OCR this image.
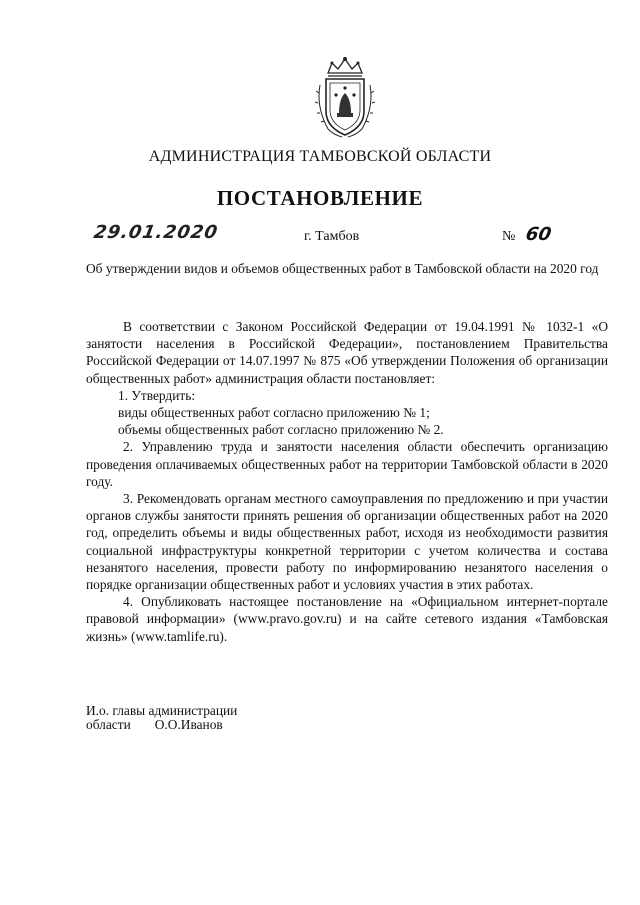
АДМИНИСТРАЦИЯ ТАМБОВСКОЙ ОБЛАСТИ
ПОСТАНОВЛЕНИЕ
29.01.2020	г. Тамбов	№ 60
Об утверждении видов и объемов общественных работ в Тамбовской области на 2020 год

В соответствии с Законом Российской Федерации от 19.04.1991 № 1032-1 «О занятости населения в Российской Федерации», постановлением Правительства Российской Федерации от 14.07.1997 № 875 «Об утверждении Положения об организации общественных работ» администрация области постановляет:

1. Утвердить:

виды общественных работ согласно приложению № 1;

объемы общественных работ согласно приложению № 2.

2. Управлению труда и занятости населения области обеспечить организацию проведения оплачиваемых общественных работ на территории Тамбовской области в 2020 году.

3. Рекомендовать органам местного самоуправления по предложению и при участии органов службы занятости принять решения об организации общественных работ на 2020 год, определить объемы и виды общественных работ, исходя из необходимости развития социальной инфраструктуры конкретной территории с учетом количества и состава незанятого населения, провести работу по информированию незанятого населения о порядке организации общественных работ и условиях участия в этих работах.

4. Опубликовать настоящее постановление на «Официальном интернет-портале правовой информации» (www.pravo.gov.ru) и на сайте сетевого издания «Тамбовская жизнь» (www.tamlife.ru).

И.о. главы администрации
области О.О.Иванов
